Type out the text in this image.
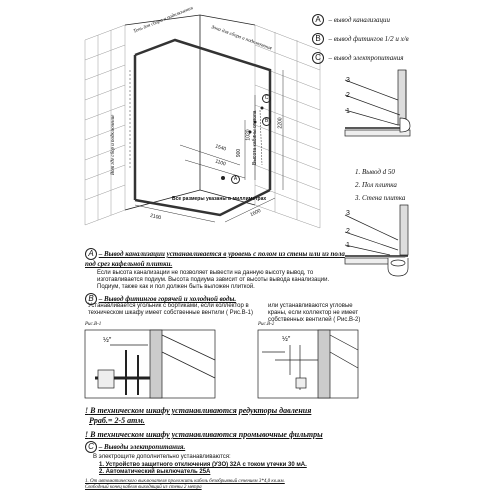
Тень для сбора и подключения
Зона для сбора и подключения
Вот где сбор и подключение
2100	1600
1540
1100
900
1020
2200
Высота кабины от пола
Все размеры указаны в миллиметрах
A
B
C
A – вывод канализации
B – вывод фитингов 1/2 и х/в
C – вывод электропитания
3
2
1
1. Вывод d 50
2. Пол плитка
3. Стена плитка
3
2
1
A – Вывод канализации устанавливается в уровень с полом из стены или из пола под срез кафельной плитки.
Если высота канализации не позволяет вывести на данную высоту вывод, то изготавливается подиум. Высота подиума зависит от высоты вывода канализации. Подиум, также как и пол должен быть выложен плиткой.
B – Вывод фитингов горячей и холодной воды.
Устанавливается угольник с бортиками, если коллектор в техническом шкафу имеет собственные вентили ( Рис.В-1)
или устанавливаются угловые краны, если коллектор не имеет собственных вентилей ( Рис.В-2)
Рис.В-1	Рис.В-2
½"	½"
! В техническом шкафу устанавливаются редукторы давления
Рраб.= 2-5 атм.
! В техническом шкафу устанавливаются промывочные фильтры
C – Выводы электропитания.
В электрощите дополнительно устанавливаются:
1. Устройство защитного отключения (УЗО) 32А с током утечки 30 мА.
2. Автоматический выключатель 25А
1. От автоматического выключателя проложить кабель безобрывный сечением 3*4,0 кв.мм.
Свободный конец кабеля выходящий из стены 2 метра
